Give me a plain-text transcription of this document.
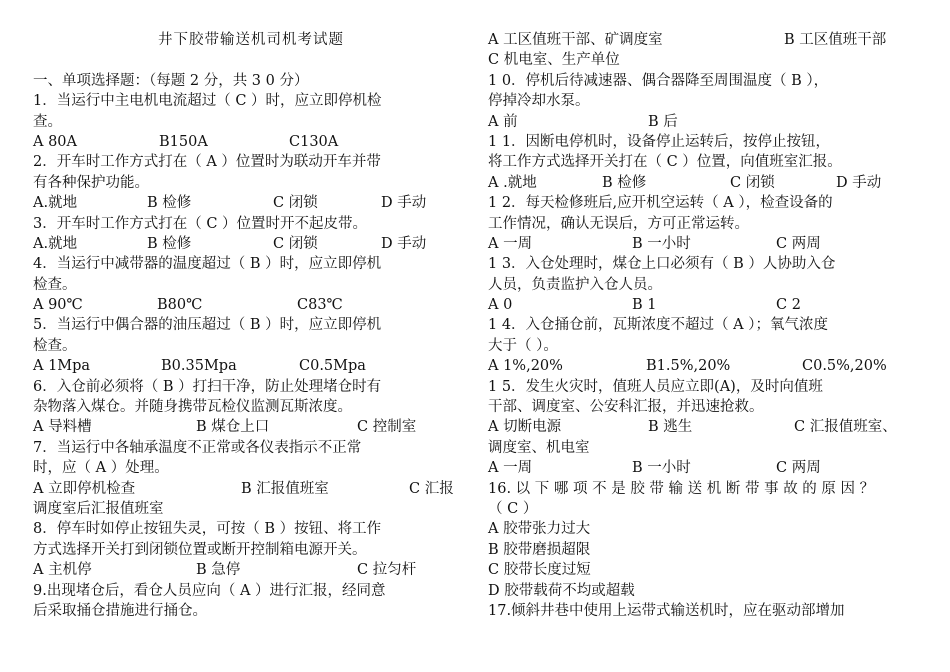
井下胶带输送机司机考试题
一、单项选择题：（每题 2 分，共 3 0 分）
1．当运行中主电机电流超过（ C ）时，应立即停机检
查。
A 80A	B150A	C130A
2．开车时工作方式打在（ A ）位置时为联动开车并带
有各种保护功能。
A.就地	B 检修	C 闭锁	D 手动
3．开车时工作方式打在（ C ）位置时开不起皮带。
A.就地	B 检修	C 闭锁	D 手动
4．当运行中减带器的温度超过（ B ）时，应立即停机
检查。
A 90℃	B80℃	C83℃
5．当运行中偶合器的油压超过（ B ）时，应立即停机
检查。
A 1Mpa	B0.35Mpa	C0.5Mpa
6．入仓前必须将（ B ）打扫干净，防止处理堵仓时有
杂物落入煤仓。并随身携带瓦检仪监测瓦斯浓度。
A 导料槽	B 煤仓上口	C 控制室
7．当运行中各轴承温度不正常或各仪表指示不正常
时，应（ A ）处理。
A 立即停机检查	B 汇报值班室	C 汇报
调度室后汇报值班室
8．停车时如停止按钮失灵，可按（ B ）按钮、将工作
方式选择开关打到闭锁位置或断开控制箱电源开关。
A 主机停	B 急停	C 拉匀杆
9.出现堵仓后，看仓人员应向（ A ）进行汇报，经同意
后采取捅仓措施进行捅仓。
A 工区值班干部、矿调度室	B 工区值班干部
C 机电室、生产单位
1 0．停机后待减速器、偶合器降至周围温度（ B ），
停掉冷却水泵。
A 前	B 后
1 1．因断电停机时，设备停止运转后，按停止按钮，
将工作方式选择开关打在（ C ）位置，向值班室汇报。
A .就地	B 检修	C 闭锁	D 手动
1 2．每天检修班后,应开机空运转（ A ），检查设备的
工作情况，确认无误后，方可正常运转。
A 一周	B 一小时	C 两周
1 3．入仓处理时，煤仓上口必须有（ B ）人协助入仓
人员，负责监护入仓人员。
A 0	B 1	C 2
1 4．入仓捅仓前，瓦斯浓度不超过（ A ）；氧气浓度
大于（ ）。
A 1%,20%	B1.5%,20%	C0.5%,20%
1 5．发生火灾时，值班人员应立即(A)，及时向值班
干部、调度室、公安科汇报，并迅速抢救。
A 切断电源	B 逃生	C 汇报值班室、
调度室、机电室
A 一周	B 一小时	C 两周
16. 以 下 哪 项 不 是 胶 带 输 送 机 断 带 事 故 的 原 因 ？
（ C ）
A 胶带张力过大
B 胶带磨损超限
C 胶带长度过短
D 胶带载荷不均或超载
17.倾斜井巷中使用上运带式输送机时，应在驱动部增加
